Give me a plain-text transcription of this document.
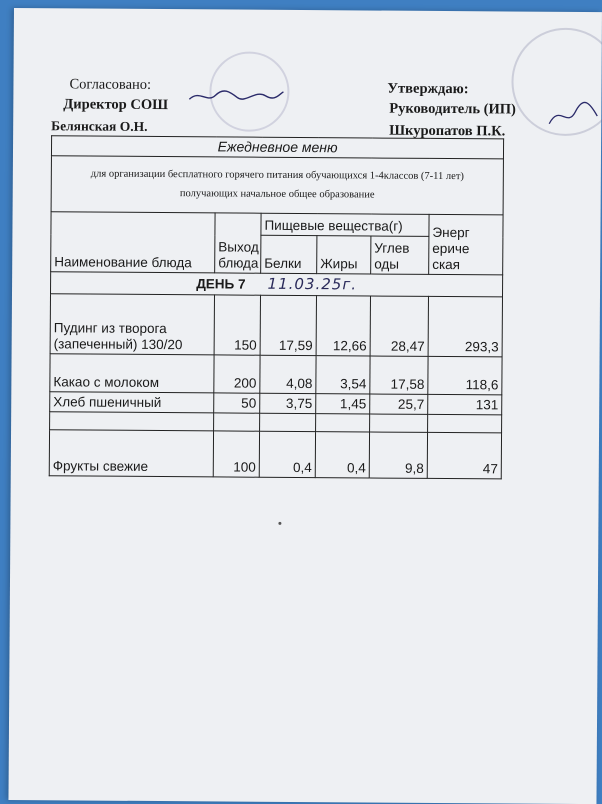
Согласовано:
Директор СОШ
Белянская О.Н.
Утверждаю:
Руководитель (ИП)
Шкуропатов П.К.
Ежедневное меню					

для организации бесплатного горячего питания обучающихся 1-4классов (7-11 лет)
получающих начальное общее образование					

Наименование блюда	Выход блюда	Пищевые вещества(г)			Энерг ериче ская
		Белки	Жиры	Углев оды	
ДЕНЬ 7 11.03.25г.					
Пудинг из творога (запеченный) 130/20	150	17,59	12,66	28,47	293,3
Какао с молоком	200	4,08	3,54	17,58	118,6
Хлеб пшеничный	50	3,75	1,45	25,7	131

Фрукты свежие	100	0,4	0,4	9,8	47
